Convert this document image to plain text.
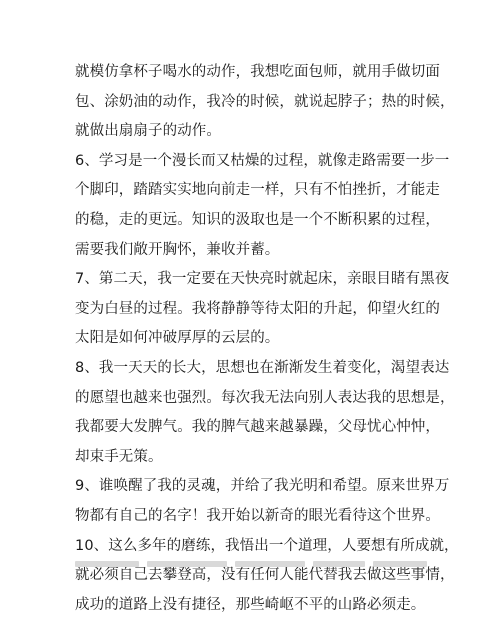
就模仿拿杯子喝水的动作，我想吃面包师，就用手做切面
包、涂奶油的动作，我冷的时候，就说起脖子；热的时候，
就做出扇扇子的动作。
6、学习是一个漫长而又枯燥的过程，就像走路需要一步一
个脚印，踏踏实实地向前走一样，只有不怕挫折，才能走
的稳，走的更远。知识的汲取也是一个不断积累的过程，
需要我们敞开胸怀，兼收并蓄。
7、第二天，我一定要在天快亮时就起床，亲眼目睹有黑夜
变为白昼的过程。我将静静等待太阳的升起，仰望火红的
太阳是如何冲破厚厚的云层的。
8、我一天天的长大，思想也在渐渐发生着变化，渴望表达
的愿望也越来也强烈。每次我无法向别人表达我的思想是，
我都要大发脾气。我的脾气越来越暴躁，父母忧心忡忡，
却束手无策。
9、谁唤醒了我的灵魂，并给了我光明和希望。原来世界万
物都有自己的名字！我开始以新奇的眼光看待这个世界。
10、这么多年的磨练，我悟出一个道理，人要想有所成就，
就必须自己去攀登高，没有任何人能代替我去做这些事情，
成功的道路上没有捷径，那些崎岖不平的山路必须走。
